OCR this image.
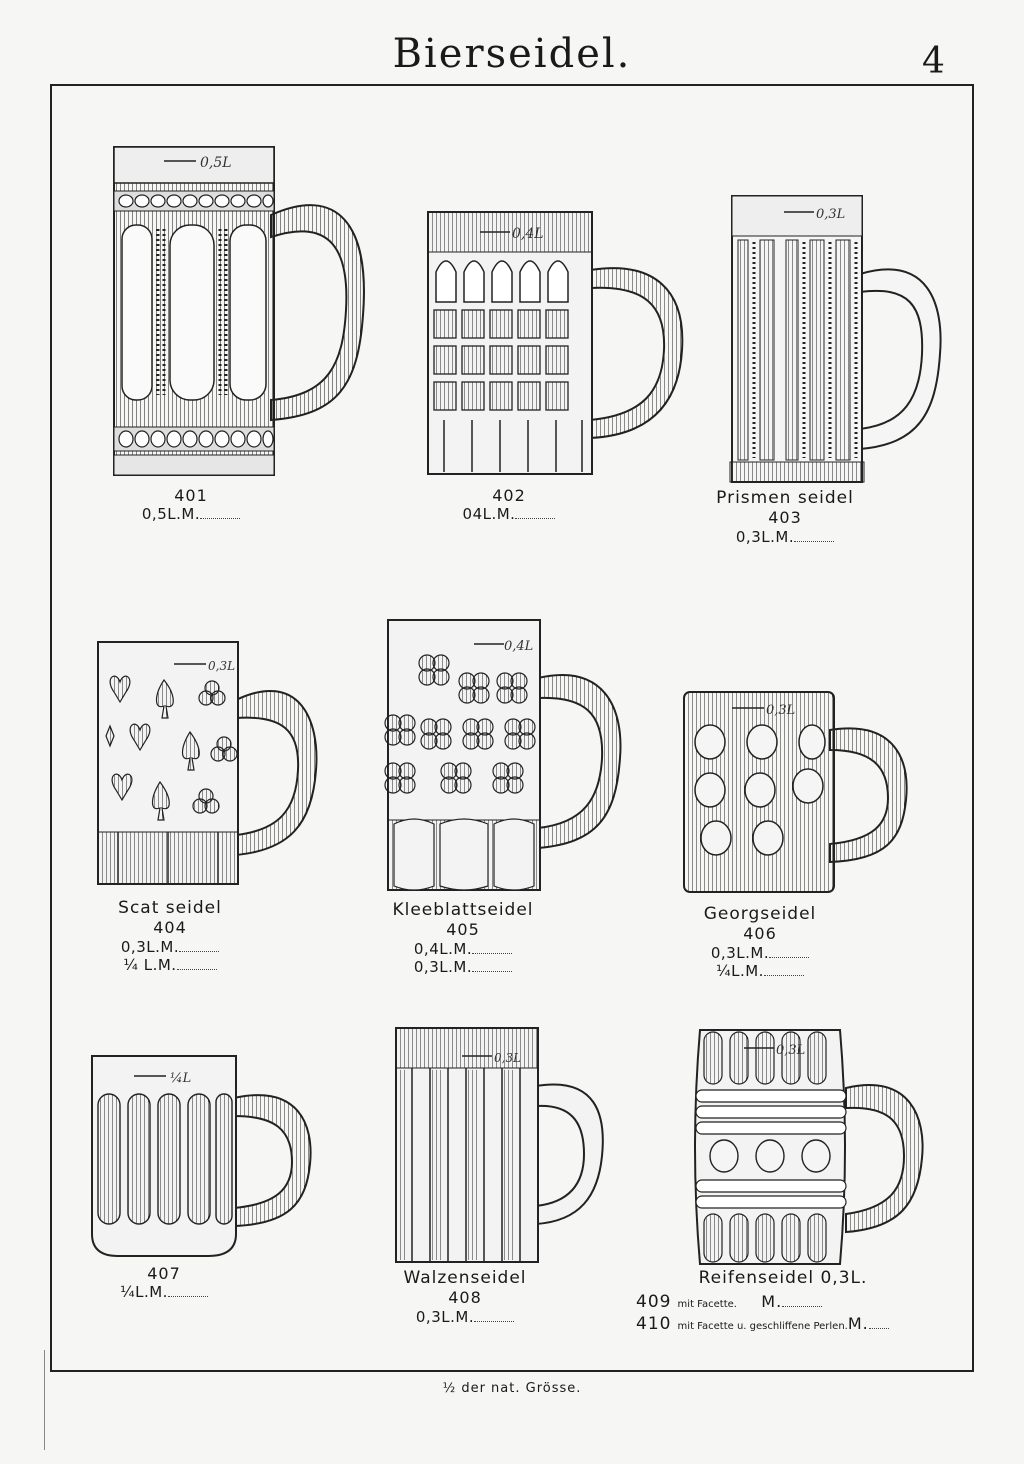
Bierseidel.	4
0,5L
401
0,5L.M.
0,4L
402
04L.M.
0,3L
Prismen seidel
403
0,3L.M.
0,3L
Scat seidel
404
0,3L.M.
¼ L.M.
0,4L
Kleeblattseidel
405
0,4L.M.
0,3L.M.
0,3L
Georgseidel
406
0,3L.M.
¼L.M.
¼L
407
¼L.M.
0,3L
Walzenseidel
408
0,3L.M.
0,3L
Reifenseidel 0,3L.
409 mit Facette. M.
410 mit Facette u. geschliffene Perlen.M.
½ der nat. Grösse.
